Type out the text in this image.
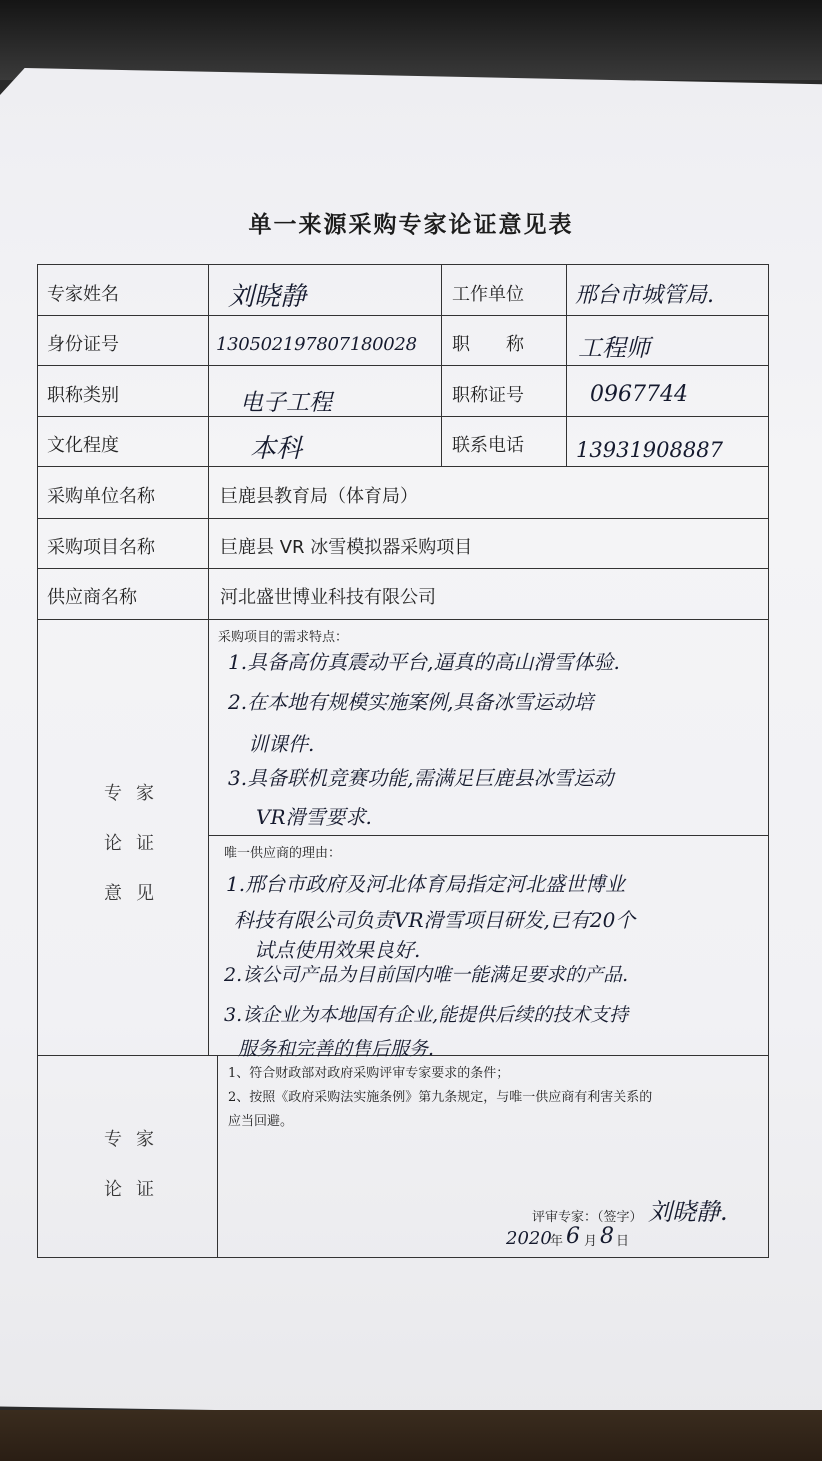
单一来源采购专家论证意见表
专家姓名	刘晓静	工作单位 邢台市城管局.
身份证号	130502197807180028 职　　称 工程师
职称类别	电子工程	职称证号	0967744
文化程度	本科	联系电话 13931908887
采购单位名称	巨鹿县教育局（体育局）
采购项目名称	巨鹿县 VR 冰雪模拟器采购项目
供应商名称	河北盛世博业科技有限公司
专家
论证
意见
采购项目的需求特点：
1.具备高仿真震动平台,逼真的高山滑雪体验.
2.在本地有规模实施案例,具备冰雪运动培
训课件.
3.具备联机竞赛功能,需满足巨鹿县冰雪运动
VR滑雪要求.
唯一供应商的理由：
1.邢台市政府及河北体育局指定河北盛世博业
科技有限公司负责VR滑雪项目研发,已有20个
试点使用效果良好.
2.该公司产品为目前国内唯一能满足要求的产品.
3.该企业为本地国有企业,能提供后续的技术支持
服务和完善的售后服务.
专家
论证
1、符合财政部对政府采购评审专家要求的条件；
2、按照《政府采购法实施条例》第九条规定，与唯一供应商有利害关系的
应当回避。
评审专家：（签字） 刘晓静.
2020
年 6 月 8 日
